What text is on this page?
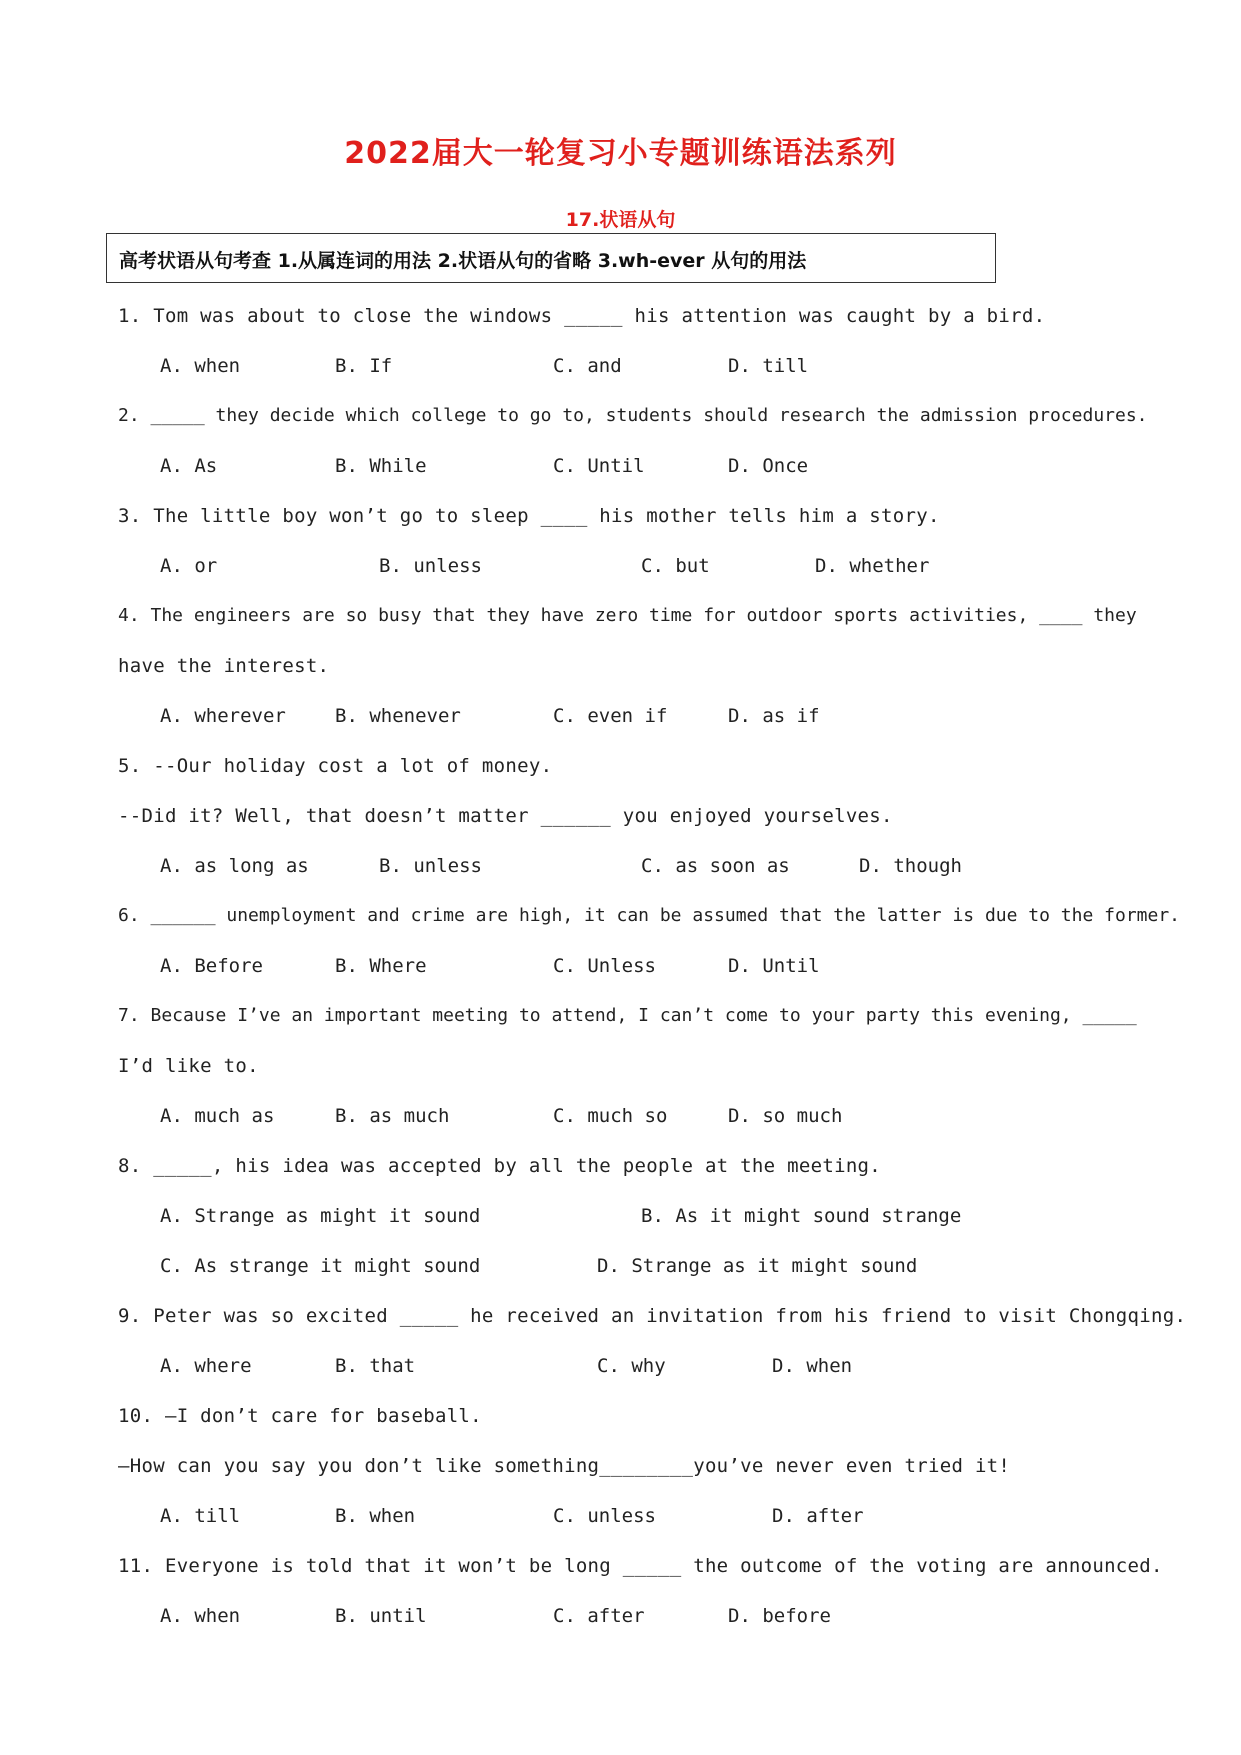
2022届大一轮复习小专题训练语法系列
17.状语从句
高考状语从句考查 1.从属连词的用法 2.状语从句的省略 3.wh-ever 从句的用法
1. Tom was about to close the windows _____ his attention was caught by a bird.
A. when	B. If	C. and	D. till
2. _____ they decide which college to go to, students should research the admission procedures.
A. As	B. While	C. Until	D. Once
3. The little boy won’t go to sleep ____ his mother tells him a story.
A. or	B. unless	C. but	D. whether
4. The engineers are so busy that they have zero time for outdoor sports activities, ____ they
have the interest.
A. wherever	B. whenever	C. even if	D. as if
5. --Our holiday cost a lot of money.
--Did it? Well, that doesn’t matter ______ you enjoyed yourselves.
A. as long as	B. unless	C. as soon as	D. though
6. ______ unemployment and crime are high, it can be assumed that the latter is due to the former.
A. Before	B. Where	C. Unless	D. Until
7. Because I’ve an important meeting to attend, I can’t come to your party this evening, _____
I’d like to.
A. much as	B. as much	C. much so	D. so much
8. _____, his idea was accepted by all the people at the meeting.
A. Strange as might it sound	B. As it might sound strange
C. As strange it might sound	D. Strange as it might sound
9. Peter was so excited _____ he received an invitation from his friend to visit Chongqing.
A. where	B. that	C. why	D. when
10. —I don’t care for baseball.
—How can you say you don’t like something________you’ve never even tried it!
A. till	B. when	C. unless	D. after
11. Everyone is told that it won’t be long _____ the outcome of the voting are announced.
A. when	B. until	C. after	D. before
